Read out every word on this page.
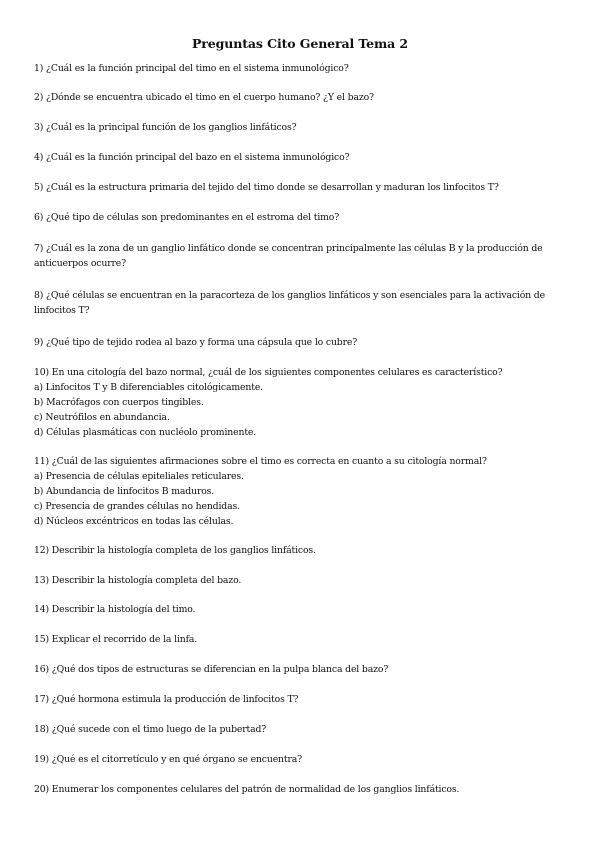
Preguntas Cito General Tema 2
1) ¿Cuál es la función principal del timo en el sistema inmunológico?
2) ¿Dónde se encuentra ubicado el timo en el cuerpo humano? ¿Y el bazo?
3) ¿Cuál es la principal función de los ganglios linfáticos?
4) ¿Cuál es la función principal del bazo en el sistema inmunológico?
5) ¿Cuál es la estructura primaria del tejido del timo donde se desarrollan y maduran los linfocitos T?
6) ¿Qué tipo de células son predominantes en el estroma del timo?
7) ¿Cuál es la zona de un ganglio linfático donde se concentran principalmente las células B y la producción de anticuerpos ocurre?
8) ¿Qué células se encuentran en la paracorteza de los ganglios linfáticos y son esenciales para la activación de linfocitos T?
9) ¿Qué tipo de tejido rodea al bazo y forma una cápsula que lo cubre?
10) En una citología del bazo normal, ¿cuál de los siguientes componentes celulares es característico?
a) Linfocitos T y B diferenciables citológicamente.
b) Macrófagos con cuerpos tingibles.
c) Neutrófilos en abundancia.
d) Células plasmáticas con nucléolo prominente.
11) ¿Cuál de las siguientes afirmaciones sobre el timo es correcta en cuanto a su citología normal?
a) Presencia de células epiteliales reticulares.
b) Abundancia de linfocitos B maduros.
c) Presencia de grandes células no hendidas.
d) Núcleos excéntricos en todas las células.
12) Describir la histología completa de los ganglios linfáticos.
13) Describir la histología completa del bazo.
14) Describir la histología del timo.
15) Explicar el recorrido de la linfa.
16) ¿Qué dos tipos de estructuras se diferencian en la pulpa blanca del bazo?
17) ¿Qué hormona estimula la producción de linfocitos T?
18) ¿Qué sucede con el timo luego de la pubertad?
19) ¿Qué es el citorretículo y en qué órgano se encuentra?
20) Enumerar los componentes celulares del patrón de normalidad de los ganglios linfáticos.
